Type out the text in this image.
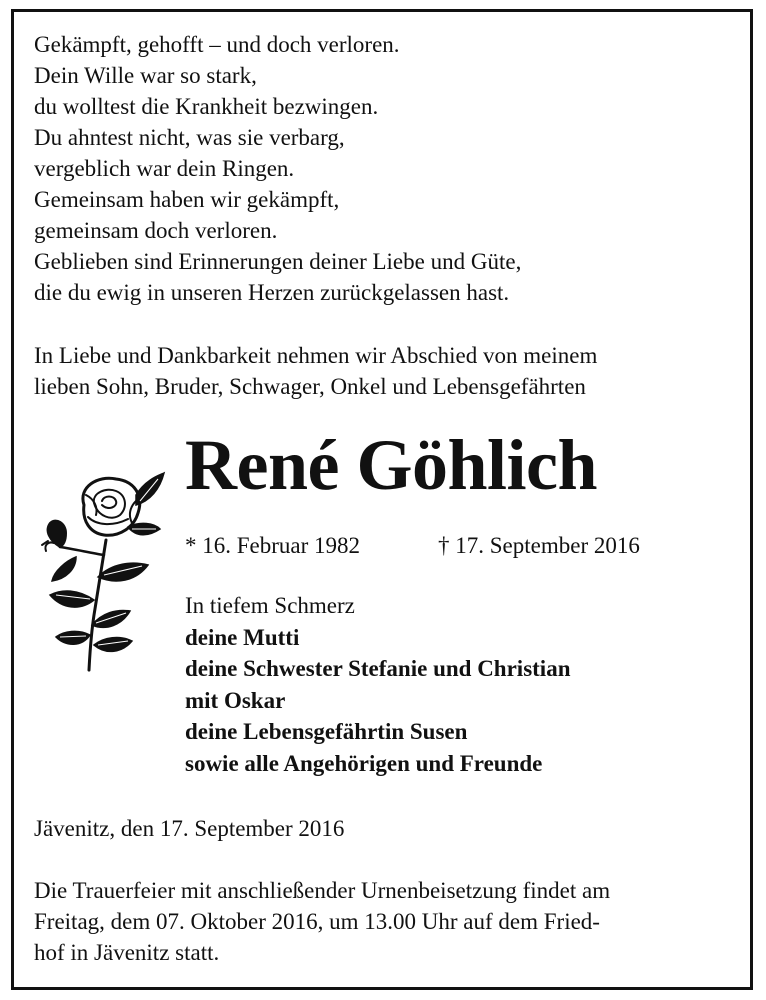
Gekämpft, gehofft – und doch verloren.
Dein Wille war so stark,
du wolltest die Krankheit bezwingen.
Du ahntest nicht, was sie verbarg,
vergeblich war dein Ringen.
Gemeinsam haben wir gekämpft,
gemeinsam doch verloren.
Geblieben sind Erinnerungen deiner Liebe und Güte,
die du ewig in unseren Herzen zurückgelassen hast.
In Liebe und Dankbarkeit nehmen wir Abschied von meinem
lieben Sohn, Bruder, Schwager, Onkel und Lebensgefährten
René Göhlich
* 16. Februar 1982	† 17. September 2016
In tiefem Schmerz
deine Mutti
deine Schwester Stefanie und Christian
mit Oskar
deine Lebensgefährtin Susen
sowie alle Angehörigen und Freunde
Jävenitz, den 17. September 2016
Die Trauerfeier mit anschließender Urnenbeisetzung findet am
Freitag, dem 07. Oktober 2016, um 13.00 Uhr auf dem Fried-
hof in Jävenitz statt.
